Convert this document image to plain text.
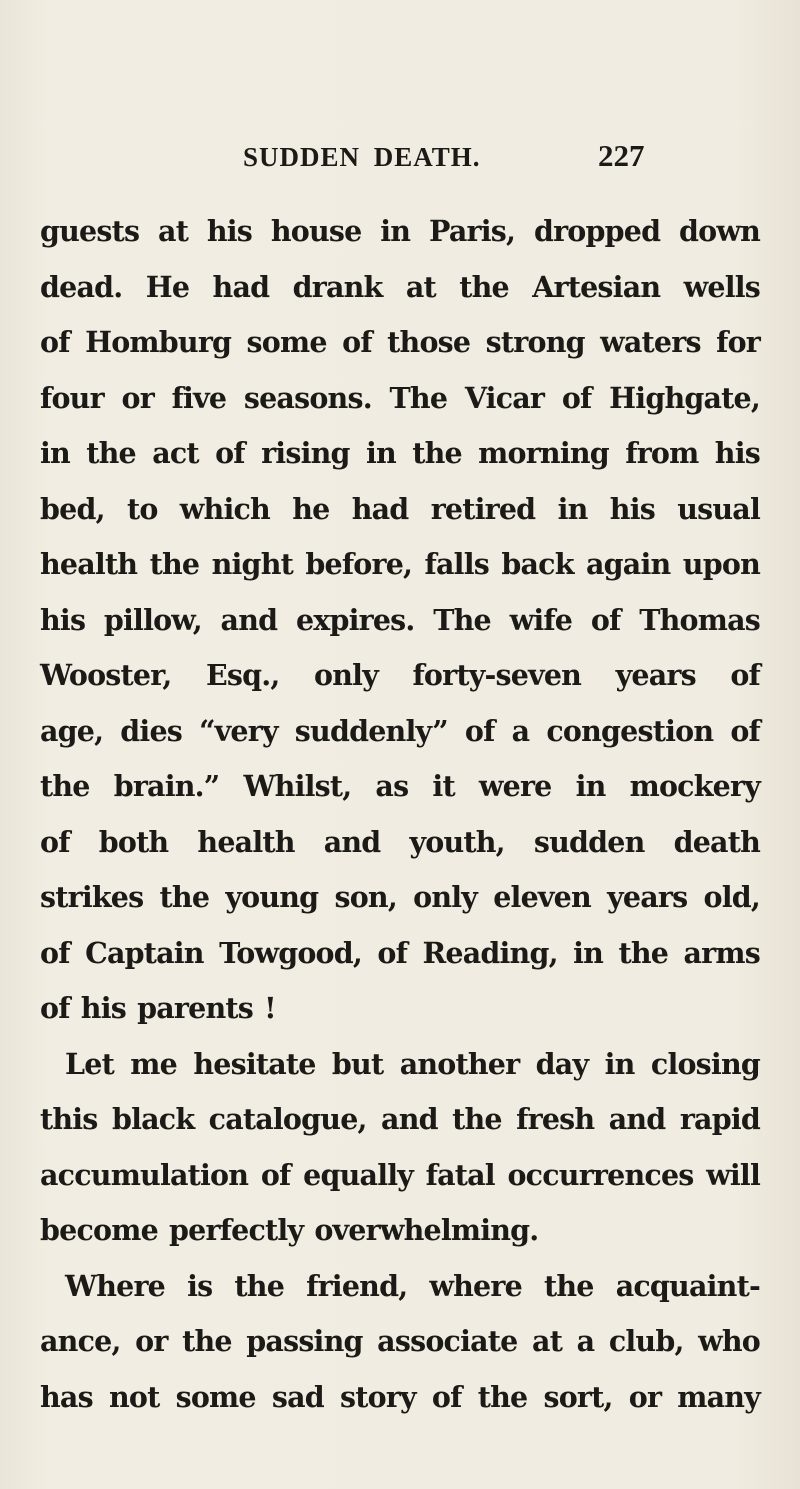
SUDDEN DEATH.	227
guests at his house in Paris, dropped down
dead. He had drank at the Artesian wells
of Homburg some of those strong waters for
four or five seasons. The Vicar of Highgate,
in the act of rising in the morning from his
bed, to which he had retired in his usual
health the night before, falls back again upon
his pillow, and expires. The wife of Thomas
Wooster, Esq., only forty-seven years of
age, dies “very suddenly” of a congestion of
the brain.” Whilst, as it were in mockery
of both health and youth, sudden death
strikes the young son, only eleven years old,
of Captain Towgood, of Reading, in the arms
of his parents !
Let me hesitate but another day in closing
this black catalogue, and the fresh and rapid
accumulation of equally fatal occurrences will
become perfectly overwhelming.
Where is the friend, where the acquaint-
ance, or the passing associate at a club, who
has not some sad story of the sort, or many
